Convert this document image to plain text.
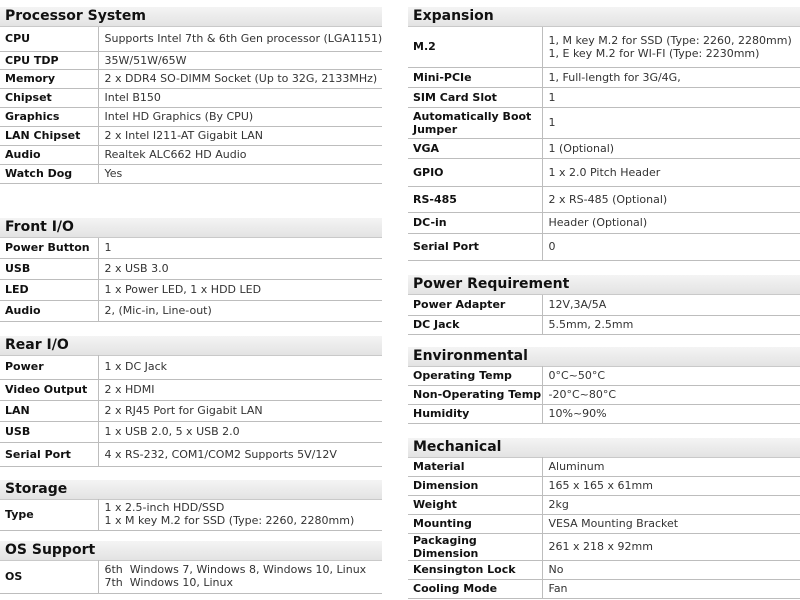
Processor System
CPU	Supports Intel 7th & 6th Gen processor (LGA1151)

CPU TDP	35W/51W/65W

Memory	2 x DDR4 SO-DIMM Socket (Up to 32G, 2133MHz)

Chipset	Intel B150

Graphics	Intel HD Graphics (By CPU)

LAN Chipset	2 x Intel I211-AT Gigabit LAN

Audio	Realtek ALC662 HD Audio

Watch Dog	Yes
Front I/O
Power Button	1

USB	2 x USB 3.0

LED	1 x Power LED, 1 x HDD LED

Audio	2, (Mic-in, Line-out)
Rear I/O
Power	1 x DC Jack

Video Output	2 x HDMI

LAN	2 x RJ45 Port for Gigabit LAN

USB	1 x USB 2.0, 5 x USB 2.0

Serial Port	4 x RS-232, COM1/COM2 Supports 5V/12V
Storage
Type	1 x 2.5-inch HDD/SSD
1 x M key M.2 for SSD (Type: 2260, 2280mm)
OS Support
OS	6th  Windows 7, Windows 8, Windows 10, Linux
7th  Windows 10, Linux
Expansion
M.2	1, M key M.2 for SSD (Type: 2260, 2280mm)
1, E key M.2 for WI-FI (Type: 2230mm)

Mini-PCIe	1, Full-length for 3G/4G,

SIM Card Slot	1

Automatically Boot Jumper	1

VGA	1 (Optional)

GPIO	1 x 2.0 Pitch Header

RS-485	2 x RS-485 (Optional)

DC-in	Header (Optional)

Serial Port	0
Power Requirement
Power Adapter	12V,3A/5A

DC Jack	5.5mm, 2.5mm
Environmental
Operating Temp	0°C~50°C

Non-Operating Temp	-20°C~80°C

Humidity	10%~90%
Mechanical
Material	Aluminum

Dimension	165 x 165 x 61mm

Weight	2kg

Mounting	VESA Mounting Bracket

Packaging Dimension	261 x 218 x 92mm

Kensington Lock	No

Cooling Mode	Fan
